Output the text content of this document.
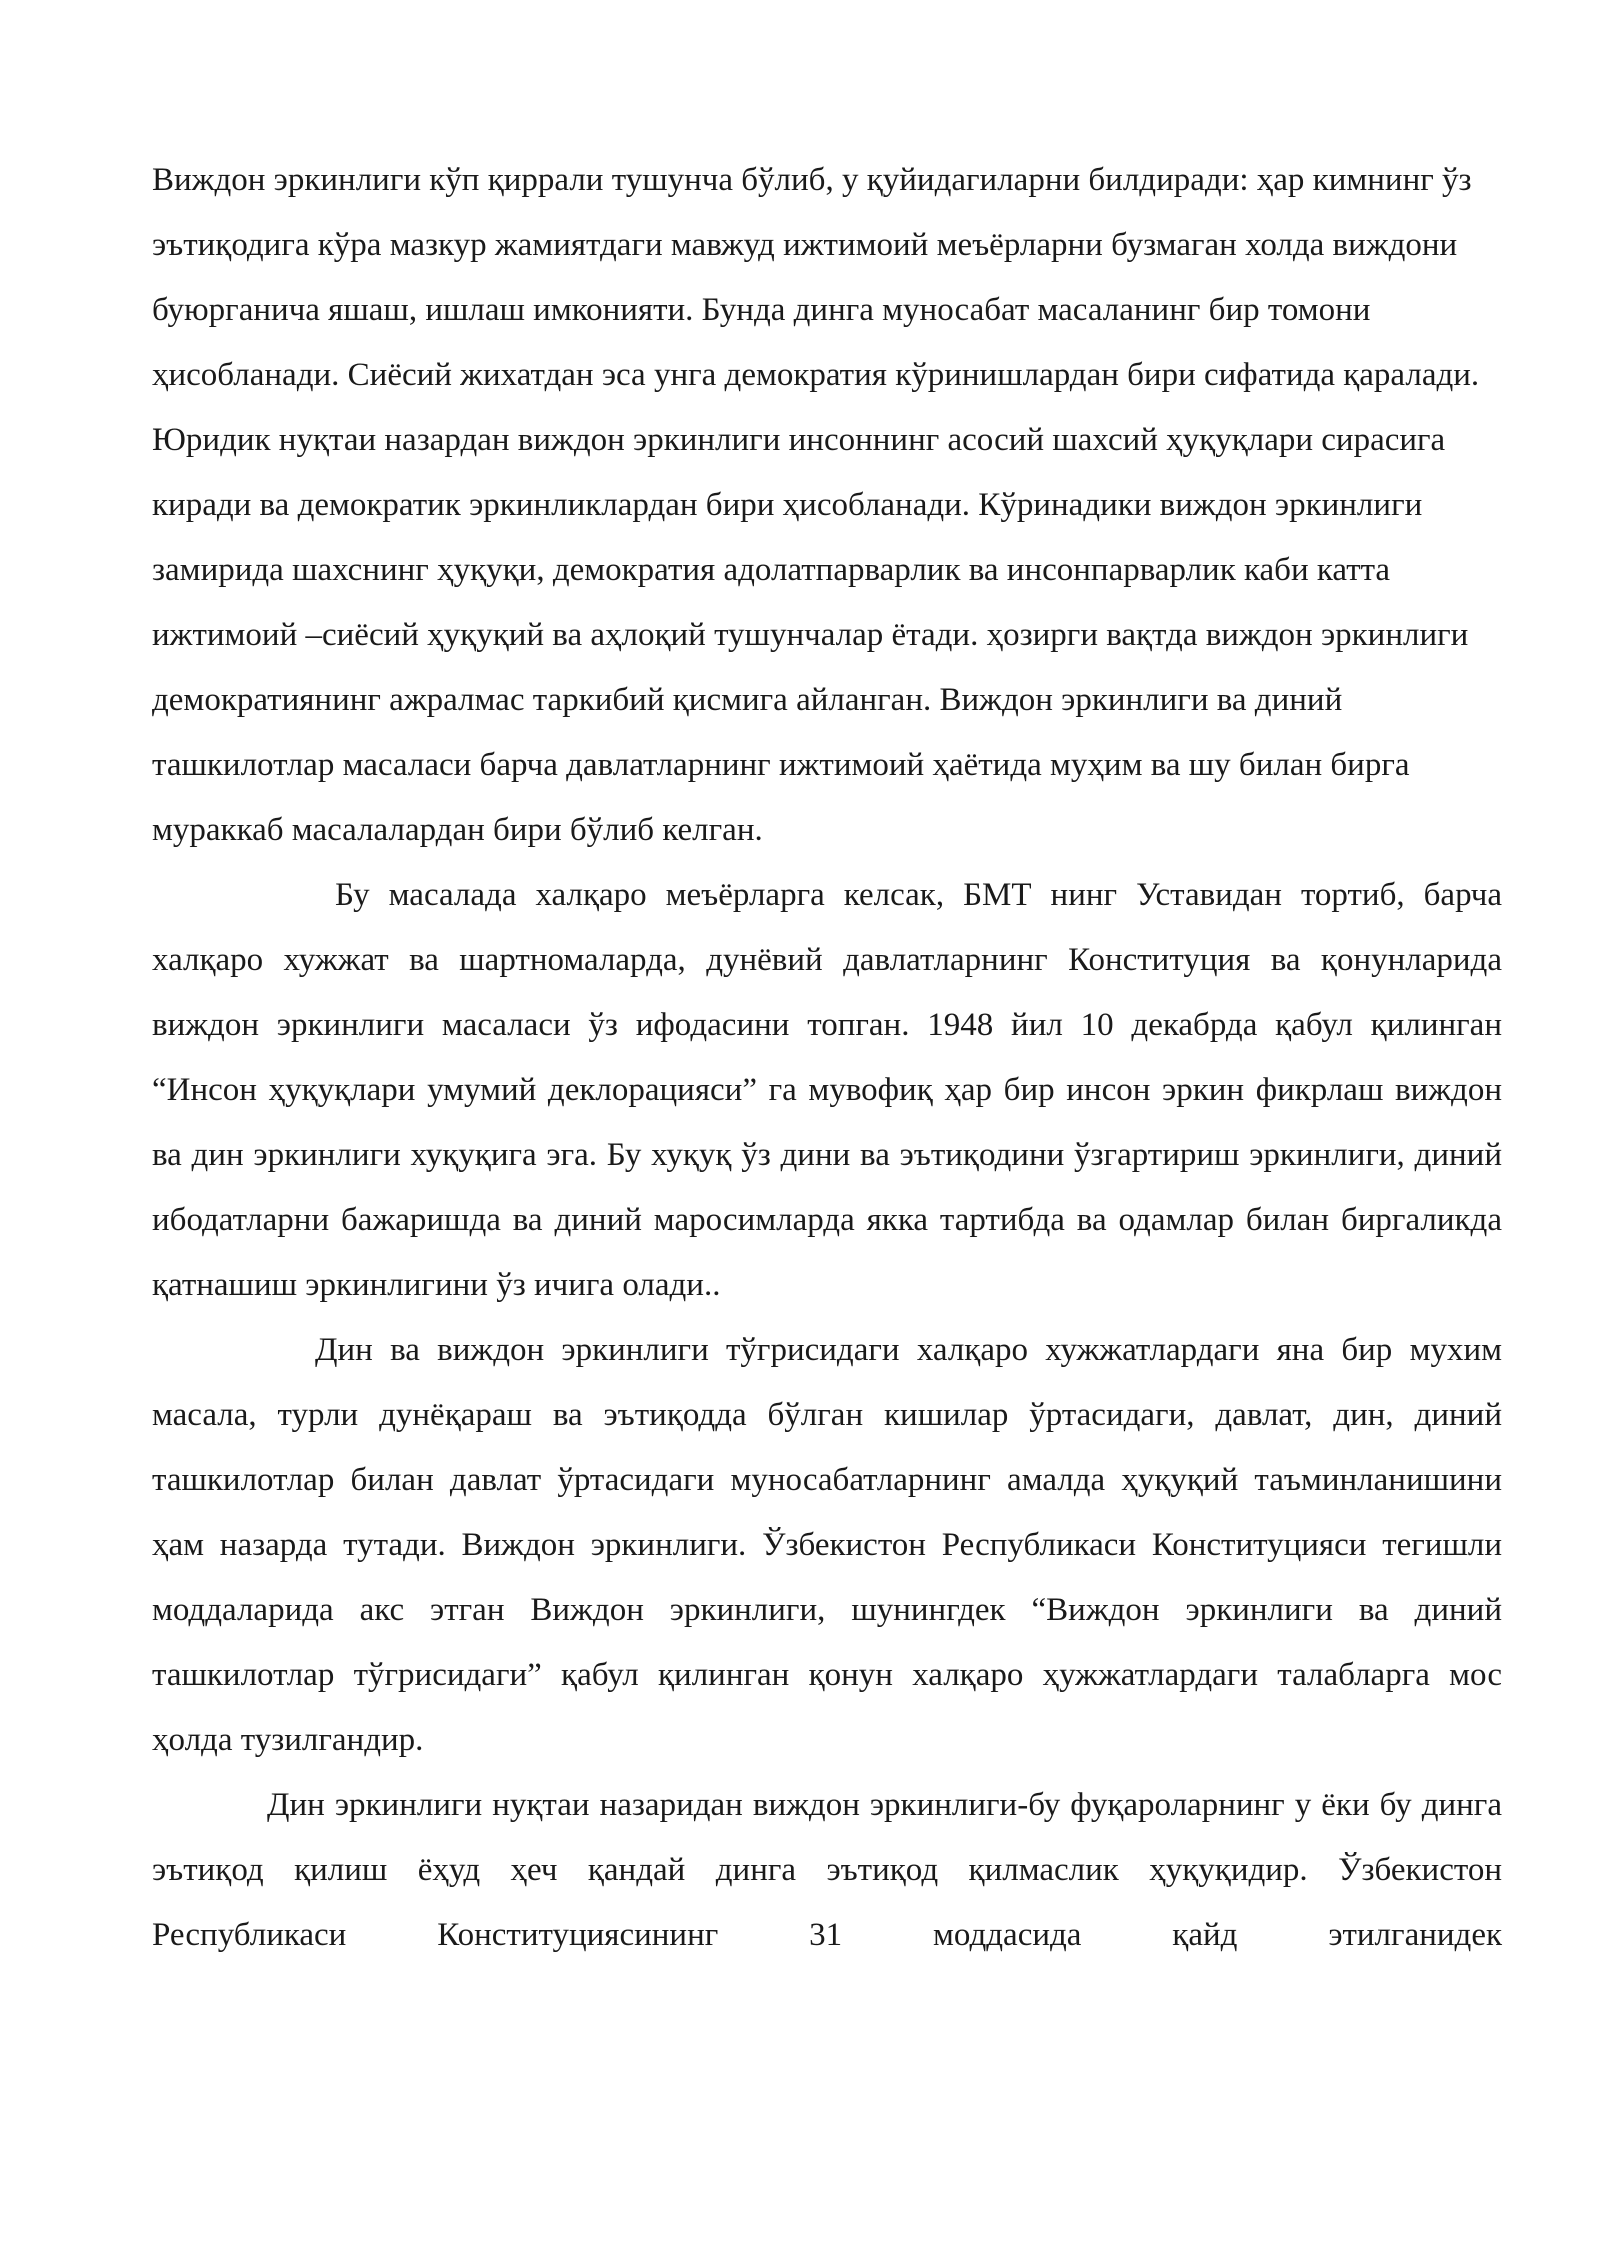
Виждон эркинлиги кўп қиррали тушунча бўлиб, у қуйидагиларни билдиради: ҳар кимнинг ўз эътиқодига кўра мазкур жамиятдаги мавжуд ижтимоий меъёрларни бузмаган холда виждони буюрганича яшаш, ишлаш имконияти. Бунда динга муносабат масаланинг бир томони ҳисобланади. Сиёсий жихатдан эса унга демократия кўринишлардан бири сифатида қаралади. Юридик нуқтаи назардан виждон эркинлиги инсоннинг асосий шахсий ҳуқуқлари сирасига киради ва демократик эркинликлардан бири ҳисобланади. Кўринадики виждон эркинлиги замирида шахснинг ҳуқуқи, демократия адолатпарварлик ва инсонпарварлик каби катта ижтимоий –сиёсий ҳуқуқий ва аҳлоқий тушунчалар ётади. ҳозирги вақтда виждон эркинлиги демократиянинг ажралмас таркибий қисмига айланган. Виждон эркинлиги ва диний ташкилотлар масаласи барча давлатларнинг ижтимоий ҳаётида муҳим ва шу билан бирга мураккаб масалалардан бири бўлиб келган.

Бу масалада халқаро меъёрларга келсак, БМТ нинг Уставидан тортиб, барча халқаро хужжат ва шартномаларда, дунёвий давлатларнинг Конституция ва қонунларида виждон эркинлиги масаласи ўз ифодасини топган. 1948 йил 10 декабрда қабул қилинган “Инсон ҳуқуқлари умумий деклорацияси” га мувофиқ ҳар бир инсон эркин фикрлаш виждон ва дин эркинлиги хуқуқига эга. Бу хуқуқ ўз дини ва эътиқодини ўзгартириш эркинлиги, диний ибодатларни бажаришда ва диний маросимларда якка тартибда ва одамлар билан биргаликда қатнашиш эркинлигини ўз ичига олади..

Дин ва виждон эркинлиги тўгрисидаги халқаро хужжатлардаги яна бир мухим масала, турли дунёқараш ва эътиқодда бўлган кишилар ўртасидаги, давлат, дин, диний ташкилотлар билан давлат ўртасидаги муносабатларнинг амалда ҳуқуқий таъминланишини ҳам назарда тутади. Виждон эркинлиги. Ўзбекистон Республикаси Конституцияси тегишли моддаларида акс этган Виждон эркинлиги, шунингдек “Виждон эркинлиги ва диний ташкилотлар тўгрисидаги” қабул қилинган қонун халқаро ҳужжатлардаги талабларга мос ҳолда тузилгандир.

Дин эркинлиги нуқтаи назаридан виждон эркинлиги-бу фуқароларнинг у ёки бу динга эътиқод қилиш ёҳуд ҳеч қандай динга эътиқод қилмаслик ҳуқуқидир. Ўзбекистон Республикаси Конституциясининг 31 моддасида қайд этилганидек
